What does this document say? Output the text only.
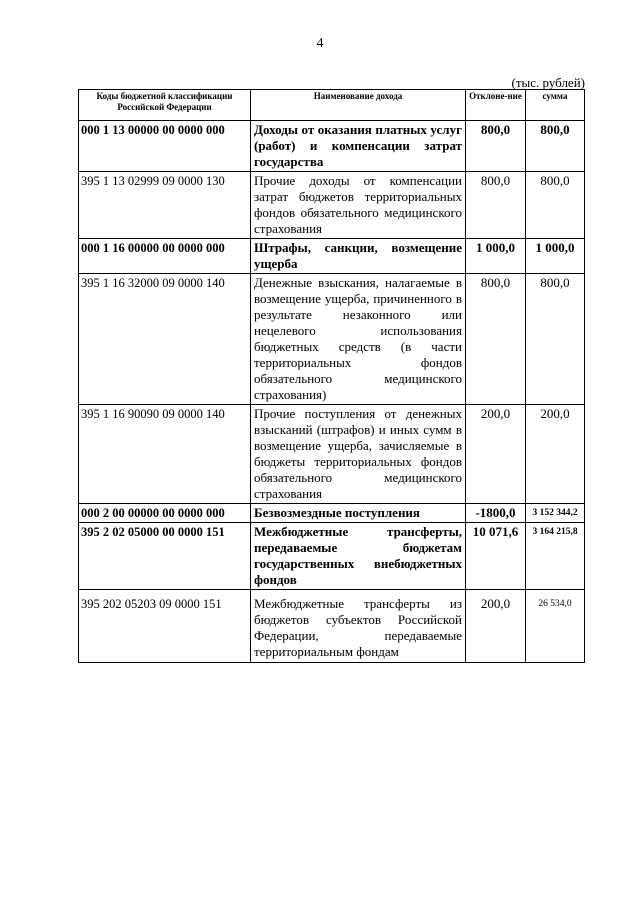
4
(тыс. рублей)
Коды бюджетной классификации Российской Федерации	Наименование дохода	Отклоне-ние	сумма
000 1 13 00000 00 0000 000	Доходы от оказания платных услуг (работ) и компенсации затрат государства	800,0	800,0
395 1 13 02999 09 0000 130	Прочие доходы от компенсации затрат бюджетов территориальных фондов обязательного медицинского страхования	800,0	800,0
000 1 16 00000 00 0000 000	Штрафы, санкции, возмещение ущерба	1 000,0	1 000,0
395 1 16 32000 09 0000 140	Денежные взыскания, налагаемые в возмещение ущерба, причиненного в результате незаконного или нецелевого использования бюджетных средств (в части территориальных фондов обязательного медицинского страхования)	800,0	800,0
395 1 16 90090 09 0000 140	Прочие поступления от денежных взысканий (штрафов) и иных сумм в возмещение ущерба, зачисляемые в бюджеты территориальных фондов обязательного медицинского страхования	200,0	200,0
000 2 00 00000 00 0000 000	Безвозмездные поступления	-1800,0	3 152 344,2
395 2 02 05000 00 0000 151	Межбюджетные трансферты, передаваемые бюджетам государственных внебюджетных фондов	10 071,6	3 164 215,8
395 202 05203 09 0000 151	Межбюджетные трансферты из бюджетов субъектов Российской Федерации, передаваемые территориальным фондам	200,0	26 534,0
